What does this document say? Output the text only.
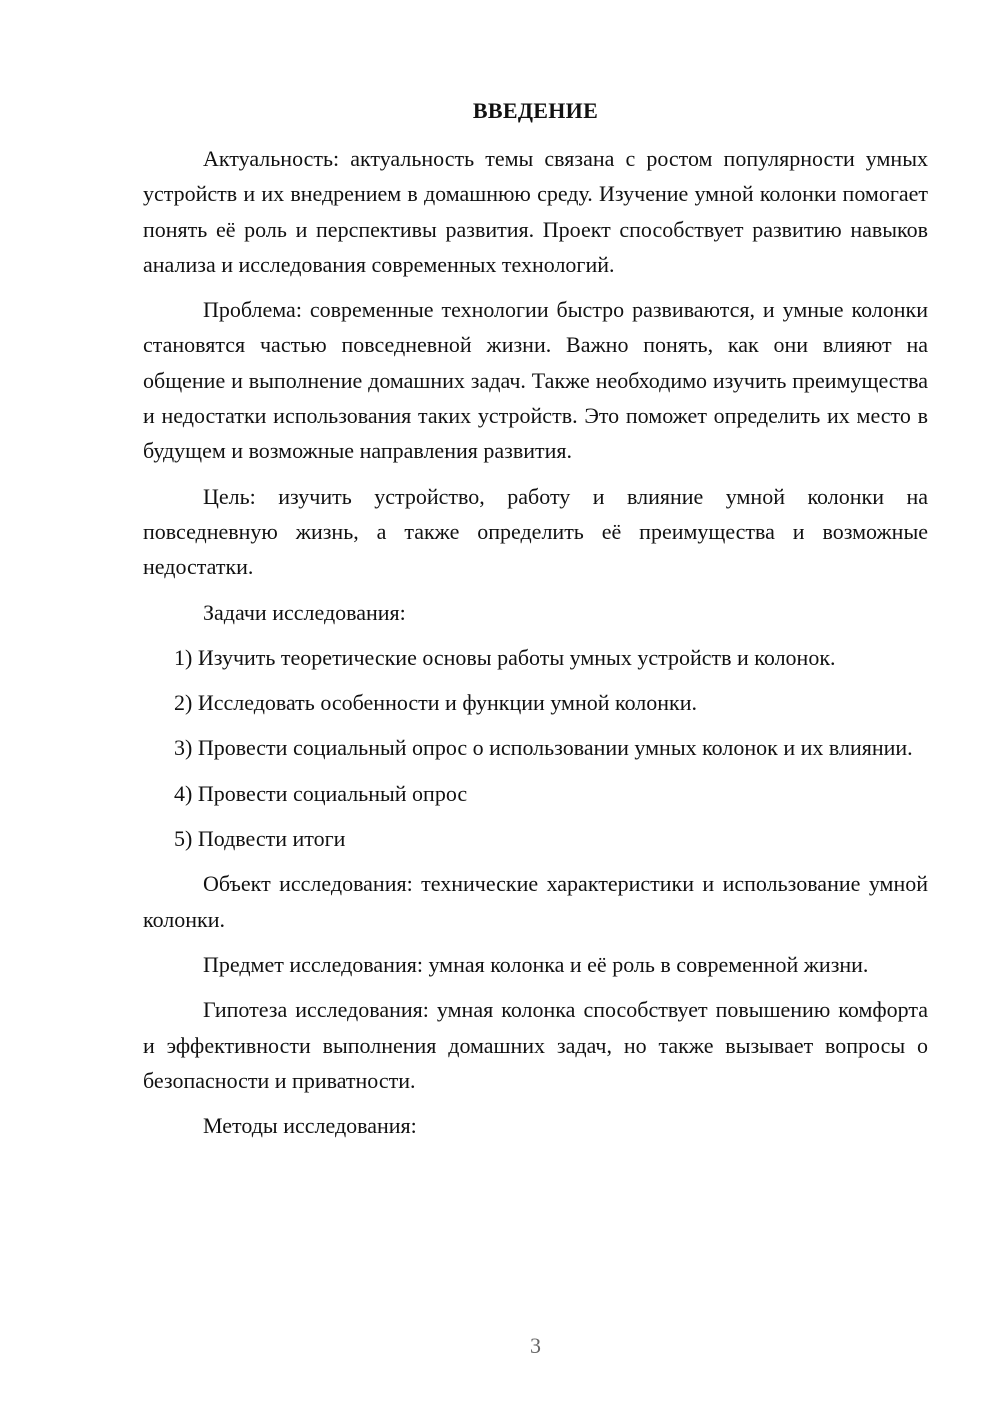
ВВЕДЕНИЕ

Актуальность: актуальность темы связана с ростом популярности умных устройств и их внедрением в домашнюю среду. Изучение умной колонки помогает понять её роль и перспективы развития. Проект способствует развитию навыков анализа и исследования современных технологий.

Проблема: современные технологии быстро развиваются, и умные колонки становятся частью повседневной жизни. Важно понять, как они влияют на общение и выполнение домашних задач. Также необходимо изучить преимущества и недостатки использования таких устройств. Это поможет определить их место в будущем и возможные направления развития.

Цель: изучить устройство, работу и влияние умной колонки на повседневную жизнь, а также определить её преимущества и возможные недостатки.

Задачи исследования:

1) Изучить теоретические основы работы умных устройств и колонок.

2) Исследовать особенности и функции умной колонки.

3) Провести социальный опрос о использовании умных колонок и их влиянии.

4) Провести социальный опрос

5) Подвести итоги

Объект исследования: технические характеристики и использование умной колонки.

Предмет исследования: умная колонка и её роль в современной жизни.

Гипотеза исследования: умная колонка способствует повышению комфорта и эффективности выполнения домашних задач, но также вызывает вопросы о безопасности и приватности.

Методы исследования:

3
